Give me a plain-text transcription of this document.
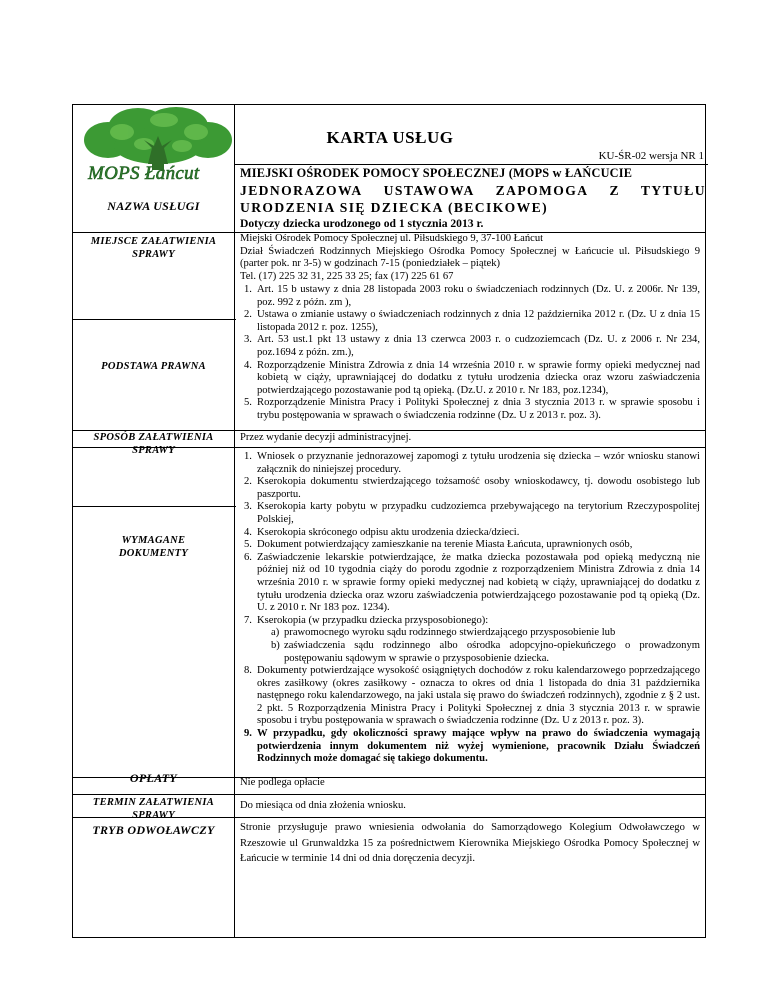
MOPS Łańcut
KARTA USŁUG
KU-ŚR-02 wersja NR 1
MIEJSKI OŚRODEK POMOCY SPOŁECZNEJ (MOPS w ŁAŃCUCIE
JEDNORAZOWA USTAWOWA ZAPOMOGA Z TYTUŁU
URODZENIA SIĘ DZIECKA (BECIKOWE)
Dotyczy dziecka urodzonego od 1 stycznia 2013 r.
NAZWA USŁUGI
MIEJSCE ZAŁATWIENIA SPRAWY
PODSTAWA PRAWNA
SPOSÓB ZAŁATWIENIA SPRAWY
WYMAGANE DOKUMENTY
OPŁATY
TERMIN ZAŁATWIENIA SPRAWY
TRYB ODWOŁAWCZY

Miejski Ośrodek Pomocy Społecznej ul. Piłsudskiego 9, 37-100 Łańcut

Dział Świadczeń Rodzinnych Miejskiego Ośrodka Pomocy Społecznej w Łańcucie ul. Piłsudskiego 9 (parter pok. nr 3-5) w godzinach 7-15 (poniedziałek – piątek)

Tel. (17) 225 32 31, 225 33 25; fax (17) 225 61 67

1. Art. 15 b ustawy z dnia 28 listopada 2003 roku o świadczeniach rodzinnych (Dz. U. z 2006r. Nr 139, poz. 992 z późn. zm ),
2. Ustawa o zmianie ustawy o świadczeniach rodzinnych z dnia 12 października 2012 r. (Dz. U z dnia 15 listopada 2012 r. poz. 1255),
3. Art. 53 ust.1 pkt 13 ustawy z dnia 13 czerwca 2003 r. o cudzoziemcach (Dz. U. z 2006 r. Nr 234, poz.1694 z późn. zm.),
4. Rozporządzenie Ministra Zdrowia z dnia 14 września 2010 r. w sprawie formy opieki medycznej nad kobietą w ciąży, uprawniającej do dodatku z tytułu urodzenia dziecka oraz wzoru zaświadczenia potwierdzającego pozostawanie pod tą opieką. (Dz.U. z 2010 r. Nr 183, poz.1234),
5. Rozporządzenie Ministra Pracy i Polityki Społecznej z dnia 3 stycznia 2013 r. w sprawie sposobu i trybu postępowania w sprawach o świadczenia rodzinne (Dz. U z 2013 r. poz. 3).

Przez wydanie decyzji administracyjnej.

1. Wniosek o przyznanie jednorazowej zapomogi z tytułu urodzenia się dziecka – wzór wniosku stanowi załącznik do niniejszej procedury.
2. Kserokopia dokumentu stwierdzającego tożsamość osoby wnioskodawcy, tj. dowodu osobistego lub paszportu.
3. Kserokopia karty pobytu w przypadku cudzoziemca przebywającego na terytorium Rzeczypospolitej Polskiej,
4. Kserokopia skróconego odpisu aktu urodzenia dziecka/dzieci.
5. Dokument potwierdzający zamieszkanie na terenie Miasta Łańcuta, uprawnionych osób,
6. Zaświadczenie lekarskie potwierdzające, że matka dziecka pozostawała pod opieką medyczną nie później niż od 10 tygodnia ciąży do porodu zgodnie z rozporządzeniem Ministra Zdrowia z dnia 14 września 2010 r. w sprawie formy opieki medycznej nad kobietą w ciąży, uprawniającej do dodatku z tytułu urodzenia dziecka oraz wzoru zaświadczenia potwierdzającego pozostawanie pod tą opieką (Dz. U. z 2010 r. Nr 183 poz. 1234).
7. Kserokopia (w przypadku dziecka przysposobionego):
a) prawomocnego wyroku sądu rodzinnego stwierdzającego przysposobienie lub
b) zaświadczenia sądu rodzinnego albo ośrodka adopcyjno-opiekuńczego o prowadzonym postępowaniu sądowym w sprawie o przysposobienie dziecka.
8. Dokumenty potwierdzające wysokość osiągniętych dochodów z roku kalendarzowego poprzedzającego okres zasiłkowy (okres zasiłkowy - oznacza to okres od dnia 1 listopada do dnia 31 października następnego roku kalendarzowego, na jaki ustala się prawo do świadczeń rodzinnych), zgodnie z § 2 ust. 2 pkt. 5 Rozporządzenia Ministra Pracy i Polityki Społecznej z dnia 3 stycznia 2013 r. w sprawie sposobu i trybu postępowania w sprawach o świadczenia rodzinne (Dz. U z 2013 r. poz. 3).
9. W przypadku, gdy okoliczności sprawy mające wpływ na prawo do świadczenia wymagają potwierdzenia innym dokumentem niż wyżej wymienione, pracownik Działu Świadczeń Rodzinnych może domagać się takiego dokumentu.

Nie podlega opłacie

Do miesiąca od dnia złożenia wniosku.

Stronie przysługuje prawo wniesienia odwołania do Samorządowego Kolegium Odwoławczego w Rzeszowie ul Grunwaldzka 15 za pośrednictwem Kierownika Miejskiego Ośrodka Pomocy Społecznej w Łańcucie w terminie 14 dni od dnia doręczenia decyzji.
